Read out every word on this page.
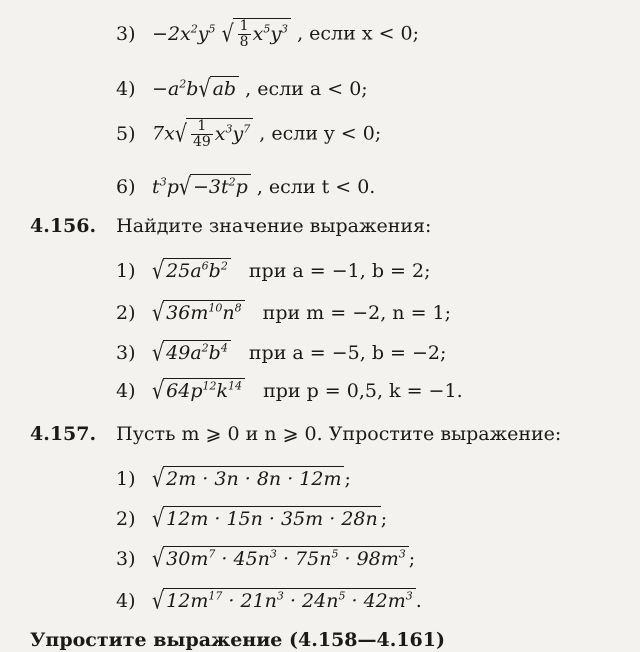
$3) -2x^2y^5$ √ $\frac{1}{8} x^5y^3$ , если x < 0;
$4) -a^2b√$ ab , если a < 0;
5) $7x√ \frac{1}{49} x^3y^7$ , если y < 0;
6) $t^3p√ -3t^2p$ , если t < 0.
4.156. Найдите значение выражения:
1) √ $25a^6b^2$ при a = −1, b = 2;
2) √ $36m^{10}n^8$ при m = −2, n = 1;
3) √ $49a^2b^4$ при a = −5, b = −2;
4) √ $64p^{12}k^{14}$ при p = 0,5, k = −1.
4.157. Пусть m ⩾ 0 и n ⩾ 0. Упростите выражение:
1) √ 2m · 3n · 8n · 12m ;
2) √ 12m · 15n · 35m · 28n ;
3) √ $30m^7 \cdot 45n^3 \cdot 75n^5 \cdot 98m^3$ ;
4) √ $12m^{17} \cdot 21n^3 \cdot 24n^5 \cdot 42m^3$ .
Упростите выражение (4.158—4.161)
